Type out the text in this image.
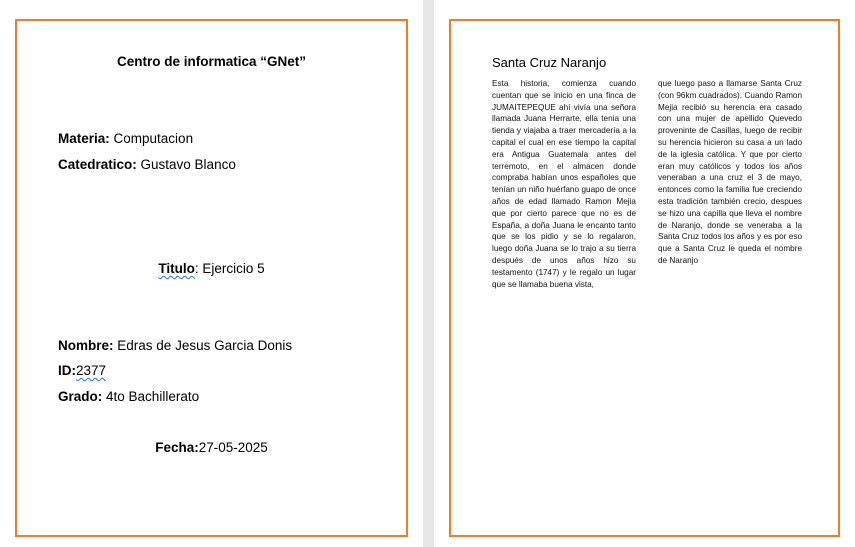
Centro de informatica “GNet”
Materia: Computacion
Catedratico: Gustavo Blanco
Titulo: Ejercicio 5
Nombre: Edras de Jesus Garcia Donis
ID:2377
Grado: 4to Bachillerato
Fecha:27-05-2025
Santa Cruz Naranjo
Esta historia, comienza cuando cuentan que se inicio en una finca de JUMAITEPEQUE ahí vivía una señora llamada Juana Herrarte, ella tenia una tienda y viajaba a traer mercadería a la capital el cual en ese tiempo la capital era Antigua Guatemala antes del terremoto, en el almacen donde compraba habían unos españoles que tenían un niño huérfano guapo de once años de edad llamado Ramon Mejia que por cierto parece que no es de España, a doña Juana le encanto tanto que se los pidio y se lo regalaron, luego doña Juana se lo trajo a su tierra después de unos años hizo su testamento (1747) y le regalo un lugar que se llamaba buena vista,
que luego paso a llamarse Santa Cruz (con 96km cuadrados). Cuando Ramon Mejia recibió su herencia era casado con una mujer de apellido Quevedo proveninte de Casillas, luego de recibir su herencia hicieron su casa a un lado de la iglesia católica. Y que por cierto eran muy católicos y todos los años veneraban a una cruz el 3 de mayo, entonces como la familia fue creciendo esta tradición también crecio, despues se hizo una capilla que lleva el nombre de Naranjo, donde se veneraba a la Santa Cruz todos los años y es por eso que a Santa Cruz le queda el nombre de Naranjo
